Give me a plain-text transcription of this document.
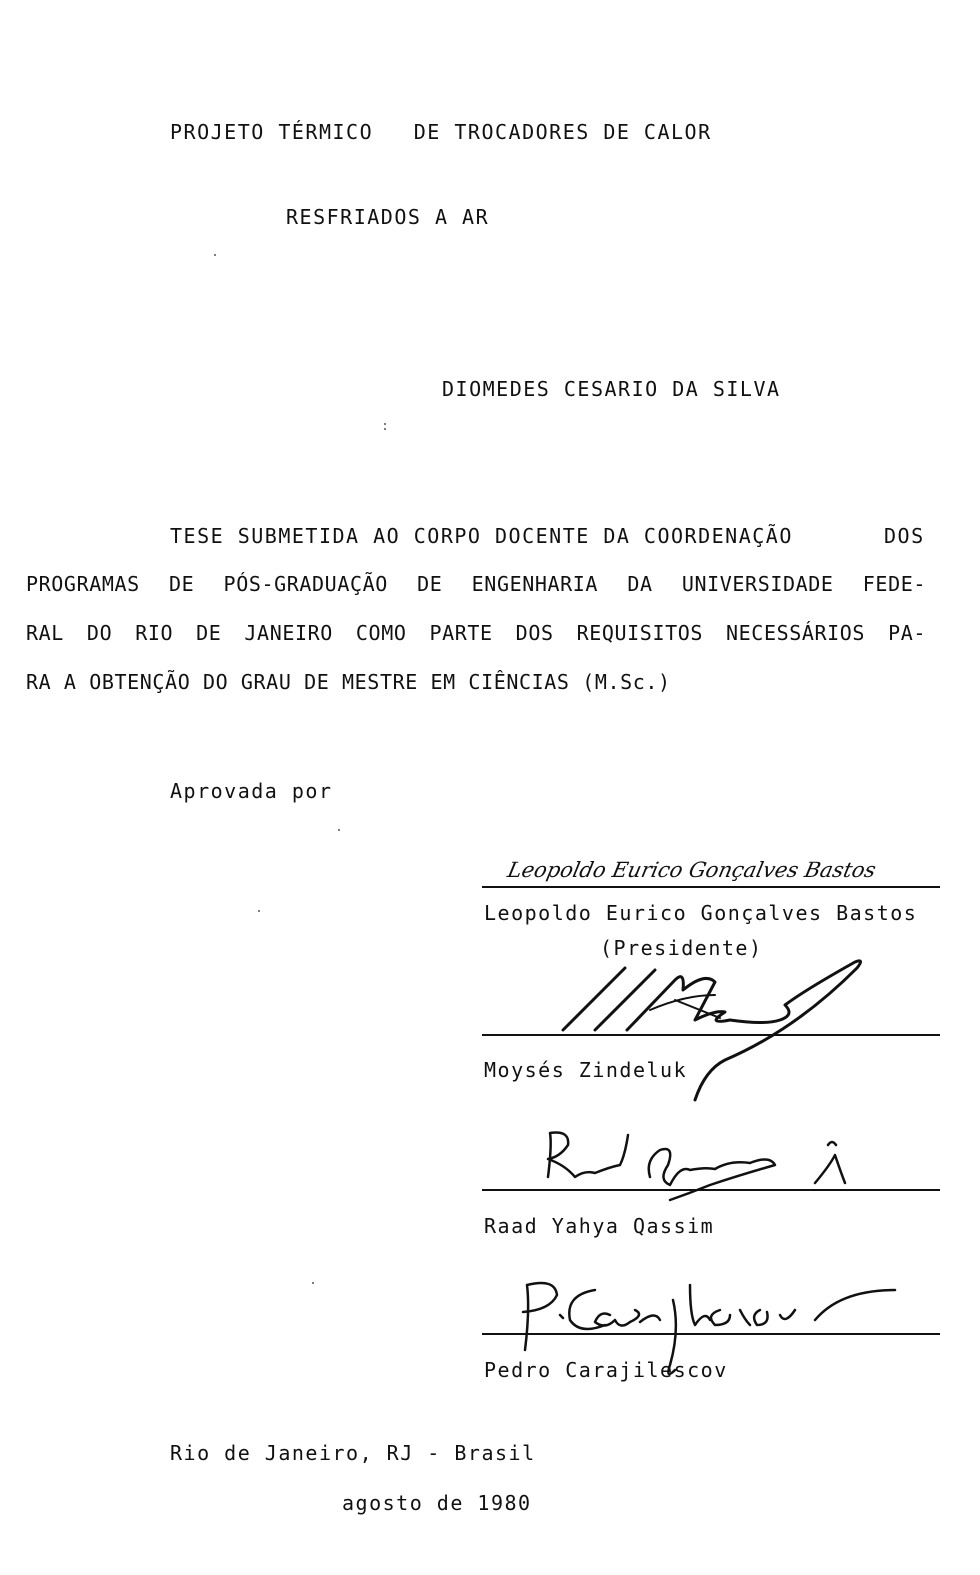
PROJETO TÉRMICO   DE TROCADORES DE CALOR
RESFRIADOS A AR
DIOMEDES CESARIO DA SILVA
TESE SUBMETIDA AO CORPO DOCENTE DA COORDENAÇÃO	DOS
PROGRAMAS DE PÓS-GRADUAÇÃO DE ENGENHARIA DA UNIVERSIDADE FEDE-
RAL DO RIO DE JANEIRO COMO PARTE DOS REQUISITOS NECESSÁRIOS PA-
RA A OBTENÇÃO DO GRAU DE MESTRE EM CIÊNCIAS (M.Sc.)
Aprovada por
Leopoldo Eurico Gonçalves Bastos
Leopoldo Eurico Gonçalves Bastos
(Presidente)
Moysés Zindeluk
Raad Yahya Qassim
Pedro Carajilescov
Rio de Janeiro, RJ - Brasil
agosto de 1980
